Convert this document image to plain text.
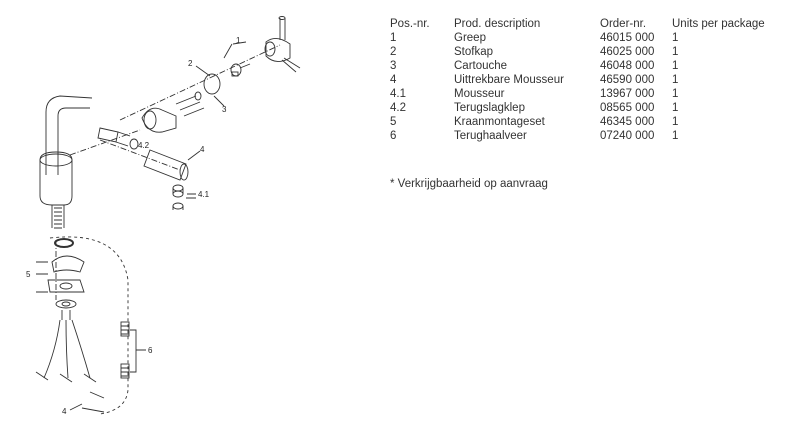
1
2
3
4
4.1
4.2
5
6
4
Pos.-nr.	Prod. description	Order-nr.	Units per package
1	Greep	46015 000	1
2	Stofkap	46025 000	1
3	Cartouche	46048 000	1
4	Uittrekbare Mousseur	46590 000	1
4.1	Mousseur	13967 000	1
4.2	Terugslagklep	08565 000	1
5	Kraanmontageset	46345 000	1
6	Terughaalveer	07240 000	1
* Verkrijgbaarheid op aanvraag
